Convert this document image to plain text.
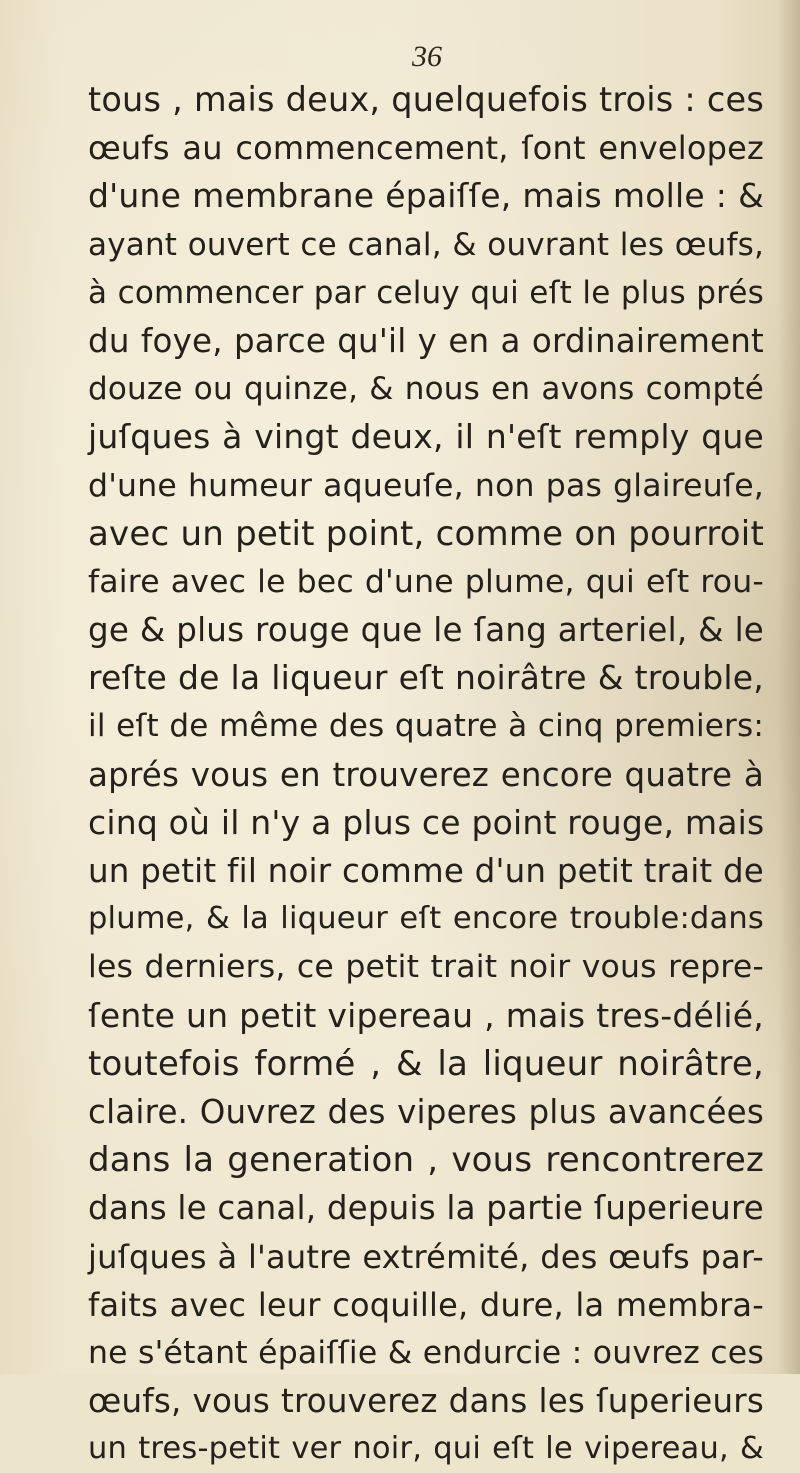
36
tous , mais deux, quelquefois trois : ces
œufs au commencement, ſont envelopez
d'une membrane épaiſſe, mais molle : &
ayant ouvert ce canal, & ouvrant les œufs,
à commencer par celuy qui eſt le plus prés
du foye, parce qu'il y en a ordinairement
douze ou quinze, & nous en avons compté
juſques à vingt deux, il n'eſt remply que
d'une humeur aqueuſe, non pas glaireuſe,
avec un petit point, comme on pourroit
faire avec le bec d'une plume, qui eſt rou-
ge & plus rouge que le ſang arteriel, & le
reſte de la liqueur eſt noirâtre & trouble,
il eſt de même des quatre à cinq premiers:
aprés vous en trouverez encore quatre à
cinq où il n'y a plus ce point rouge, mais
un petit fil noir comme d'un petit trait de
plume, & la liqueur eſt encore trouble:dans
les derniers, ce petit trait noir vous repre-
ſente un petit vipereau , mais tres-délié,
toutefois formé , & la liqueur noirâtre,
claire. Ouvrez des viperes plus avancées
dans la generation , vous rencontrerez
dans le canal, depuis la partie ſuperieure
juſques à l'autre extrémité, des œufs par-
faits avec leur coquille, dure, la membra-
ne s'étant épaiſſie & endurcie : ouvrez ces
œufs, vous trouverez dans les ſuperieurs
un tres-petit ver noir, qui eſt le vipereau, &
